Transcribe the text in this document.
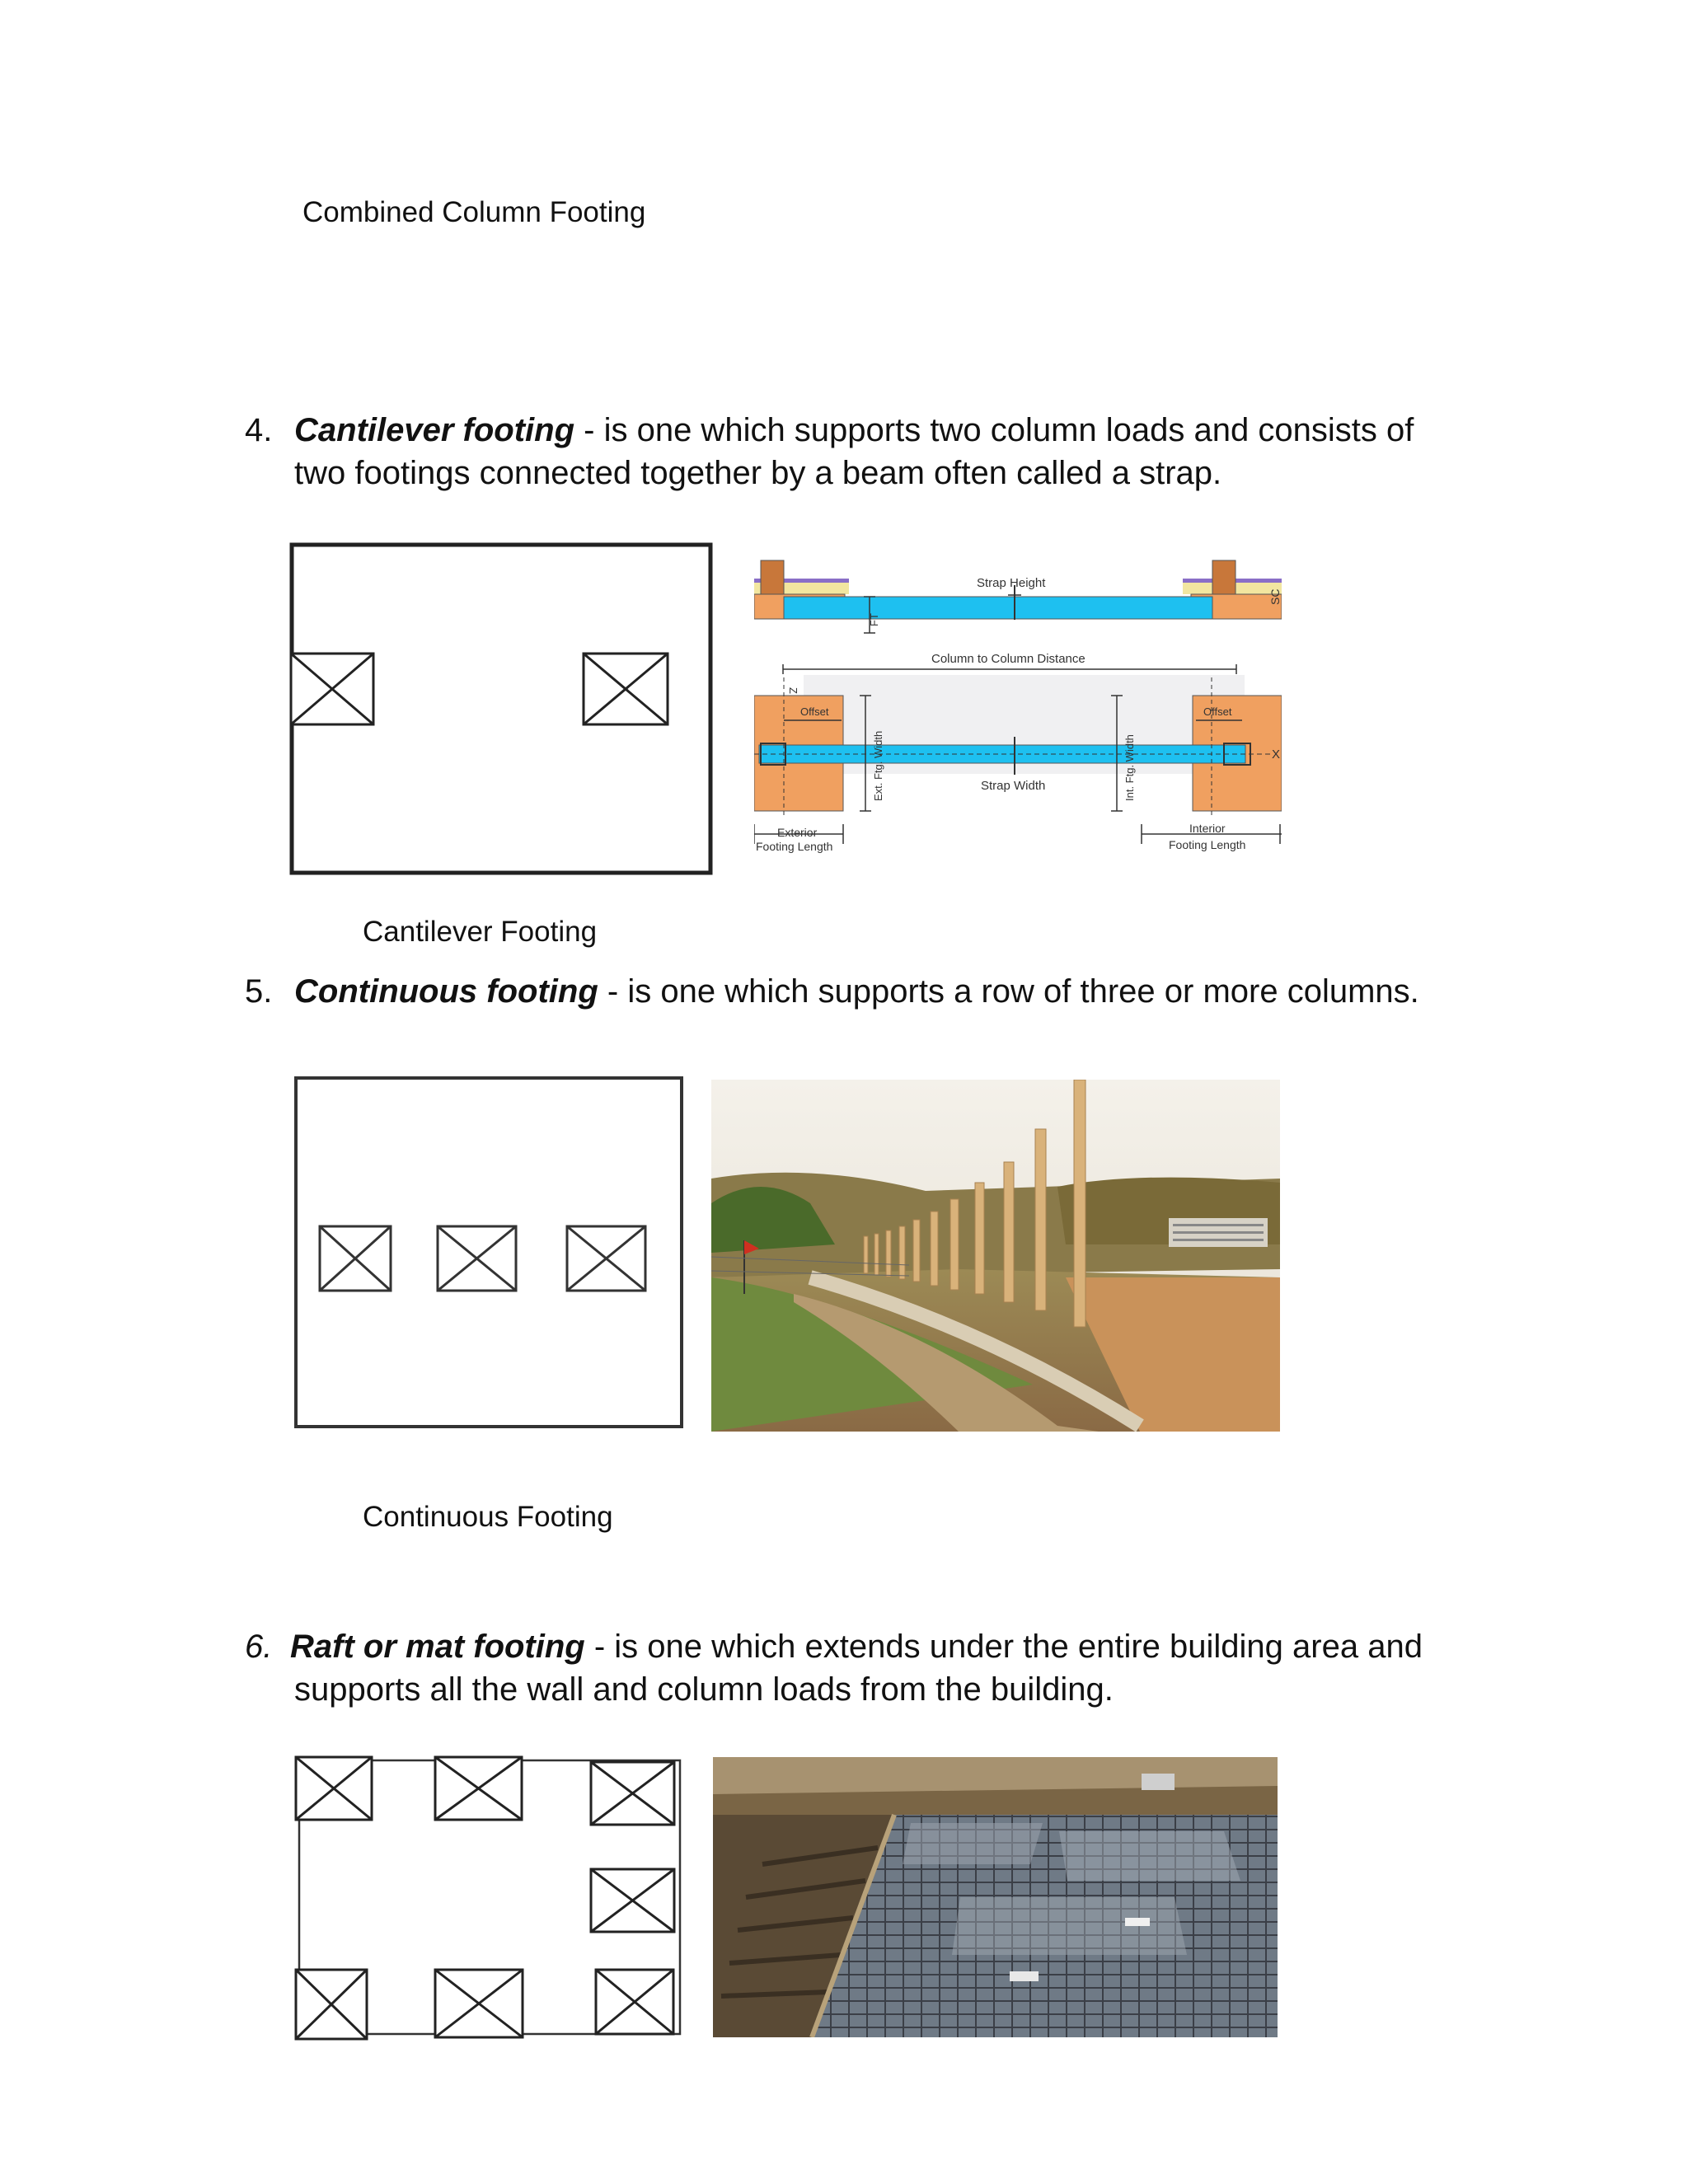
Combined Column Footing
4. Cantilever footing - is one which supports two column loads and consists of
two footings connected together by a beam often called a strap.
Strap Height
FT
SC
Column to Column Distance
X
Z
Offset	Offset
Ext. Ftg. Width	Int. Ftg. Width
Strap Width
Exterior
Footing Length
Interior
Footing Length
Cantilever Footing
5. Continuous footing - is one which supports a row of three or more columns.
Continuous Footing
6. Raft or mat footing - is one which extends under the entire building area and
supports all the wall and column loads from the building.
